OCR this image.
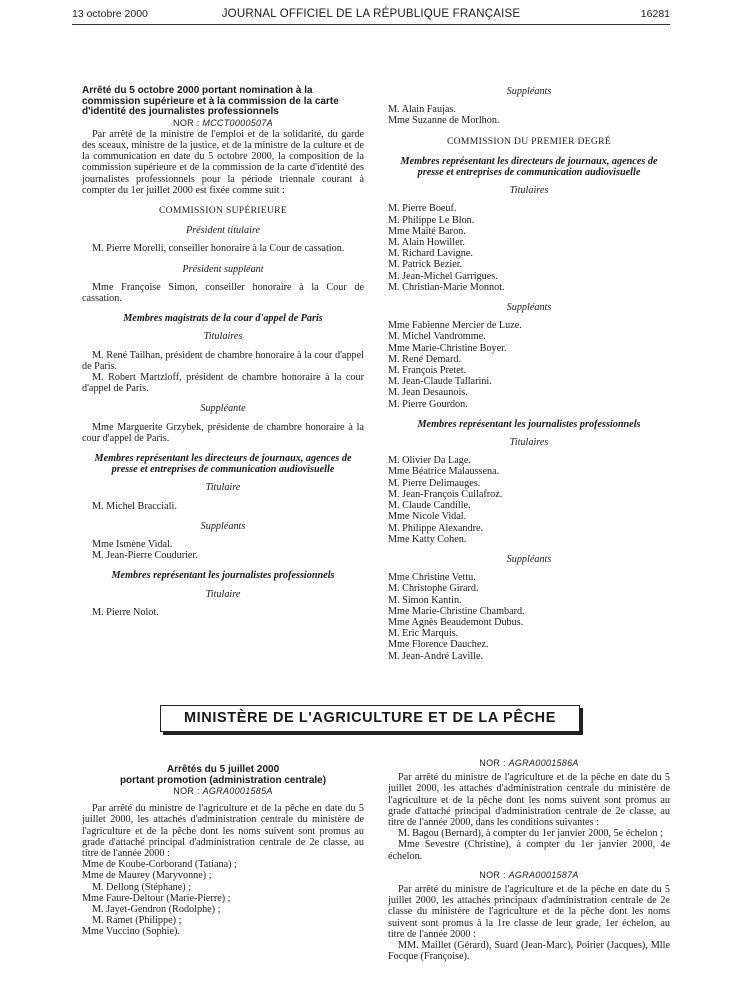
13 octobre 2000	JOURNAL OFFICIEL DE LA RÉPUBLIQUE FRANÇAISE	16281

Arrêté du 5 octobre 2000 portant nomination à la commission supérieure et à la commission de la carte d'identité des journalistes professionnels

NOR : MCCT0000507A

Par arrêté de la ministre de l'emploi et de la solidarité, du garde des sceaux, ministre de la justice, et de la ministre de la culture et de la communication en date du 5 octobre 2000, la composition de la commission supérieure et de la commission de la carte d'identité des journalistes professionnels pour la période triennale courant à compter du 1er juillet 2000 est fixée comme suit :

COMMISSION SUPÉRIEURE

Président titulaire

M. Pierre Morelli, conseiller honoraire à la Cour de cassation.

Président suppléant

Mme Françoise Simon, conseiller honoraire à la Cour de cassation.

Membres magistrats de la cour d'appel de Paris

Titulaires

M. René Tailhan, président de chambre honoraire à la cour d'appel de Paris.

M. Robert Martzloff, président de chambre honoraire à la cour d'appel de Paris.

Suppléante

Mme Marguerite Grzybek, présidente de chambre honoraire à la cour d'appel de Paris.

Membres représentant les directeurs de journaux, agences de presse et entreprises de communication audiovisuelle

Titulaire

M. Michel Bracciali.

Suppléants

Mme Ismène Vidal.

M. Jean-Pierre Coudurier.

Membres représentant les journalistes professionnels

Titulaire

M. Pierre Nolot.

Suppléants

M. Alain Faujas.

Mme Suzanne de Morlhon.

COMMISSION DU PREMIER DEGRÉ

Membres représentant les directeurs de journaux, agences de presse et entreprises de communication audiovisuelle

Titulaires

M. Pierre Boeuf.

M. Philippe Le Blon.

Mme Maïté Baron.

M. Alain Howiller.

M. Richard Lavigne.

M. Patrick Bezier.

M. Jean-Michel Garrigues.

M. Christian-Marie Monnot.

Suppléants

Mme Fabienne Mercier de Luze.

M. Michel Vandromme.

Mme Marie-Christine Boyer.

M. René Demard.

M. François Pretet.

M. Jean-Claude Tallarini.

M. Jean Desaunois.

M. Pierre Gourdon.

Membres représentant les journalistes professionnels

Titulaires

M. Olivier Da Lage.

Mme Béatrice Malaussena.

M. Pierre Delimauges.

M. Jean-François Cullafroz.

M. Claude Candille.

Mme Nicole Vidal.

M. Philippe Alexandre.

Mme Katty Cohen.

Suppléants

Mme Christine Vettu.

M. Christophe Girard.

M. Simon Kantin.

Mme Marie-Christine Chambard.

Mme Agnès Beaudemont Dubus.

M. Eric Marquis.

Mme Florence Dauchez.

M. Jean-André Laville.

MINISTÈRE DE L'AGRICULTURE ET DE LA PÊCHE

Arrêtés du 5 juillet 2000

portant promotion (administration centrale)

NOR : AGRA0001585A

Par arrêté du ministre de l'agriculture et de la pêche en date du 5 juillet 2000, les attachés d'administration centrale du ministère de l'agriculture et de la pêche dont les noms suivent sont promus au grade d'attaché principal d'administration centrale de 2e classe, au titre de l'année 2000 :

Mme de Koube-Corborand (Tatiana) ;

Mme de Maurey (Maryvonne) ;

M. Dellong (Stéphane) ;

Mme Faure-Deltour (Marie-Pierre) ;

M. Jayet-Gendron (Rodolphe) ;

M. Ramet (Philippe) ;

Mme Vuccino (Sophie).

NOR : AGRA0001586A

Par arrêté du ministre de l'agriculture et de la pêche en date du 5 juillet 2000, les attachés d'administration centrale du ministère de l'agriculture et de la pêche dont les noms suivent sont promus au grade d'attaché principal d'administration centrale de 2e classe, au titre de l'année 2000, dans les conditions suivantes :

M. Bagou (Bernard), à compter du 1er janvier 2000, 5e échelon ;

Mme Sevestre (Christine), à compter du 1er janvier 2000, 4e échelon.

NOR : AGRA0001587A

Par arrêté du ministre de l'agriculture et de la pêche en date du 5 juillet 2000, les attachés principaux d'administration centrale de 2e classe du ministère de l'agriculture et de la pêche dont les noms suivent sont promus à la 1re classe de leur grade, 1er échelon, au titre de l'année 2000 :

MM. Maillet (Gérard), Suard (Jean-Marc), Poirier (Jacques), Mlle Focque (Françoise).
